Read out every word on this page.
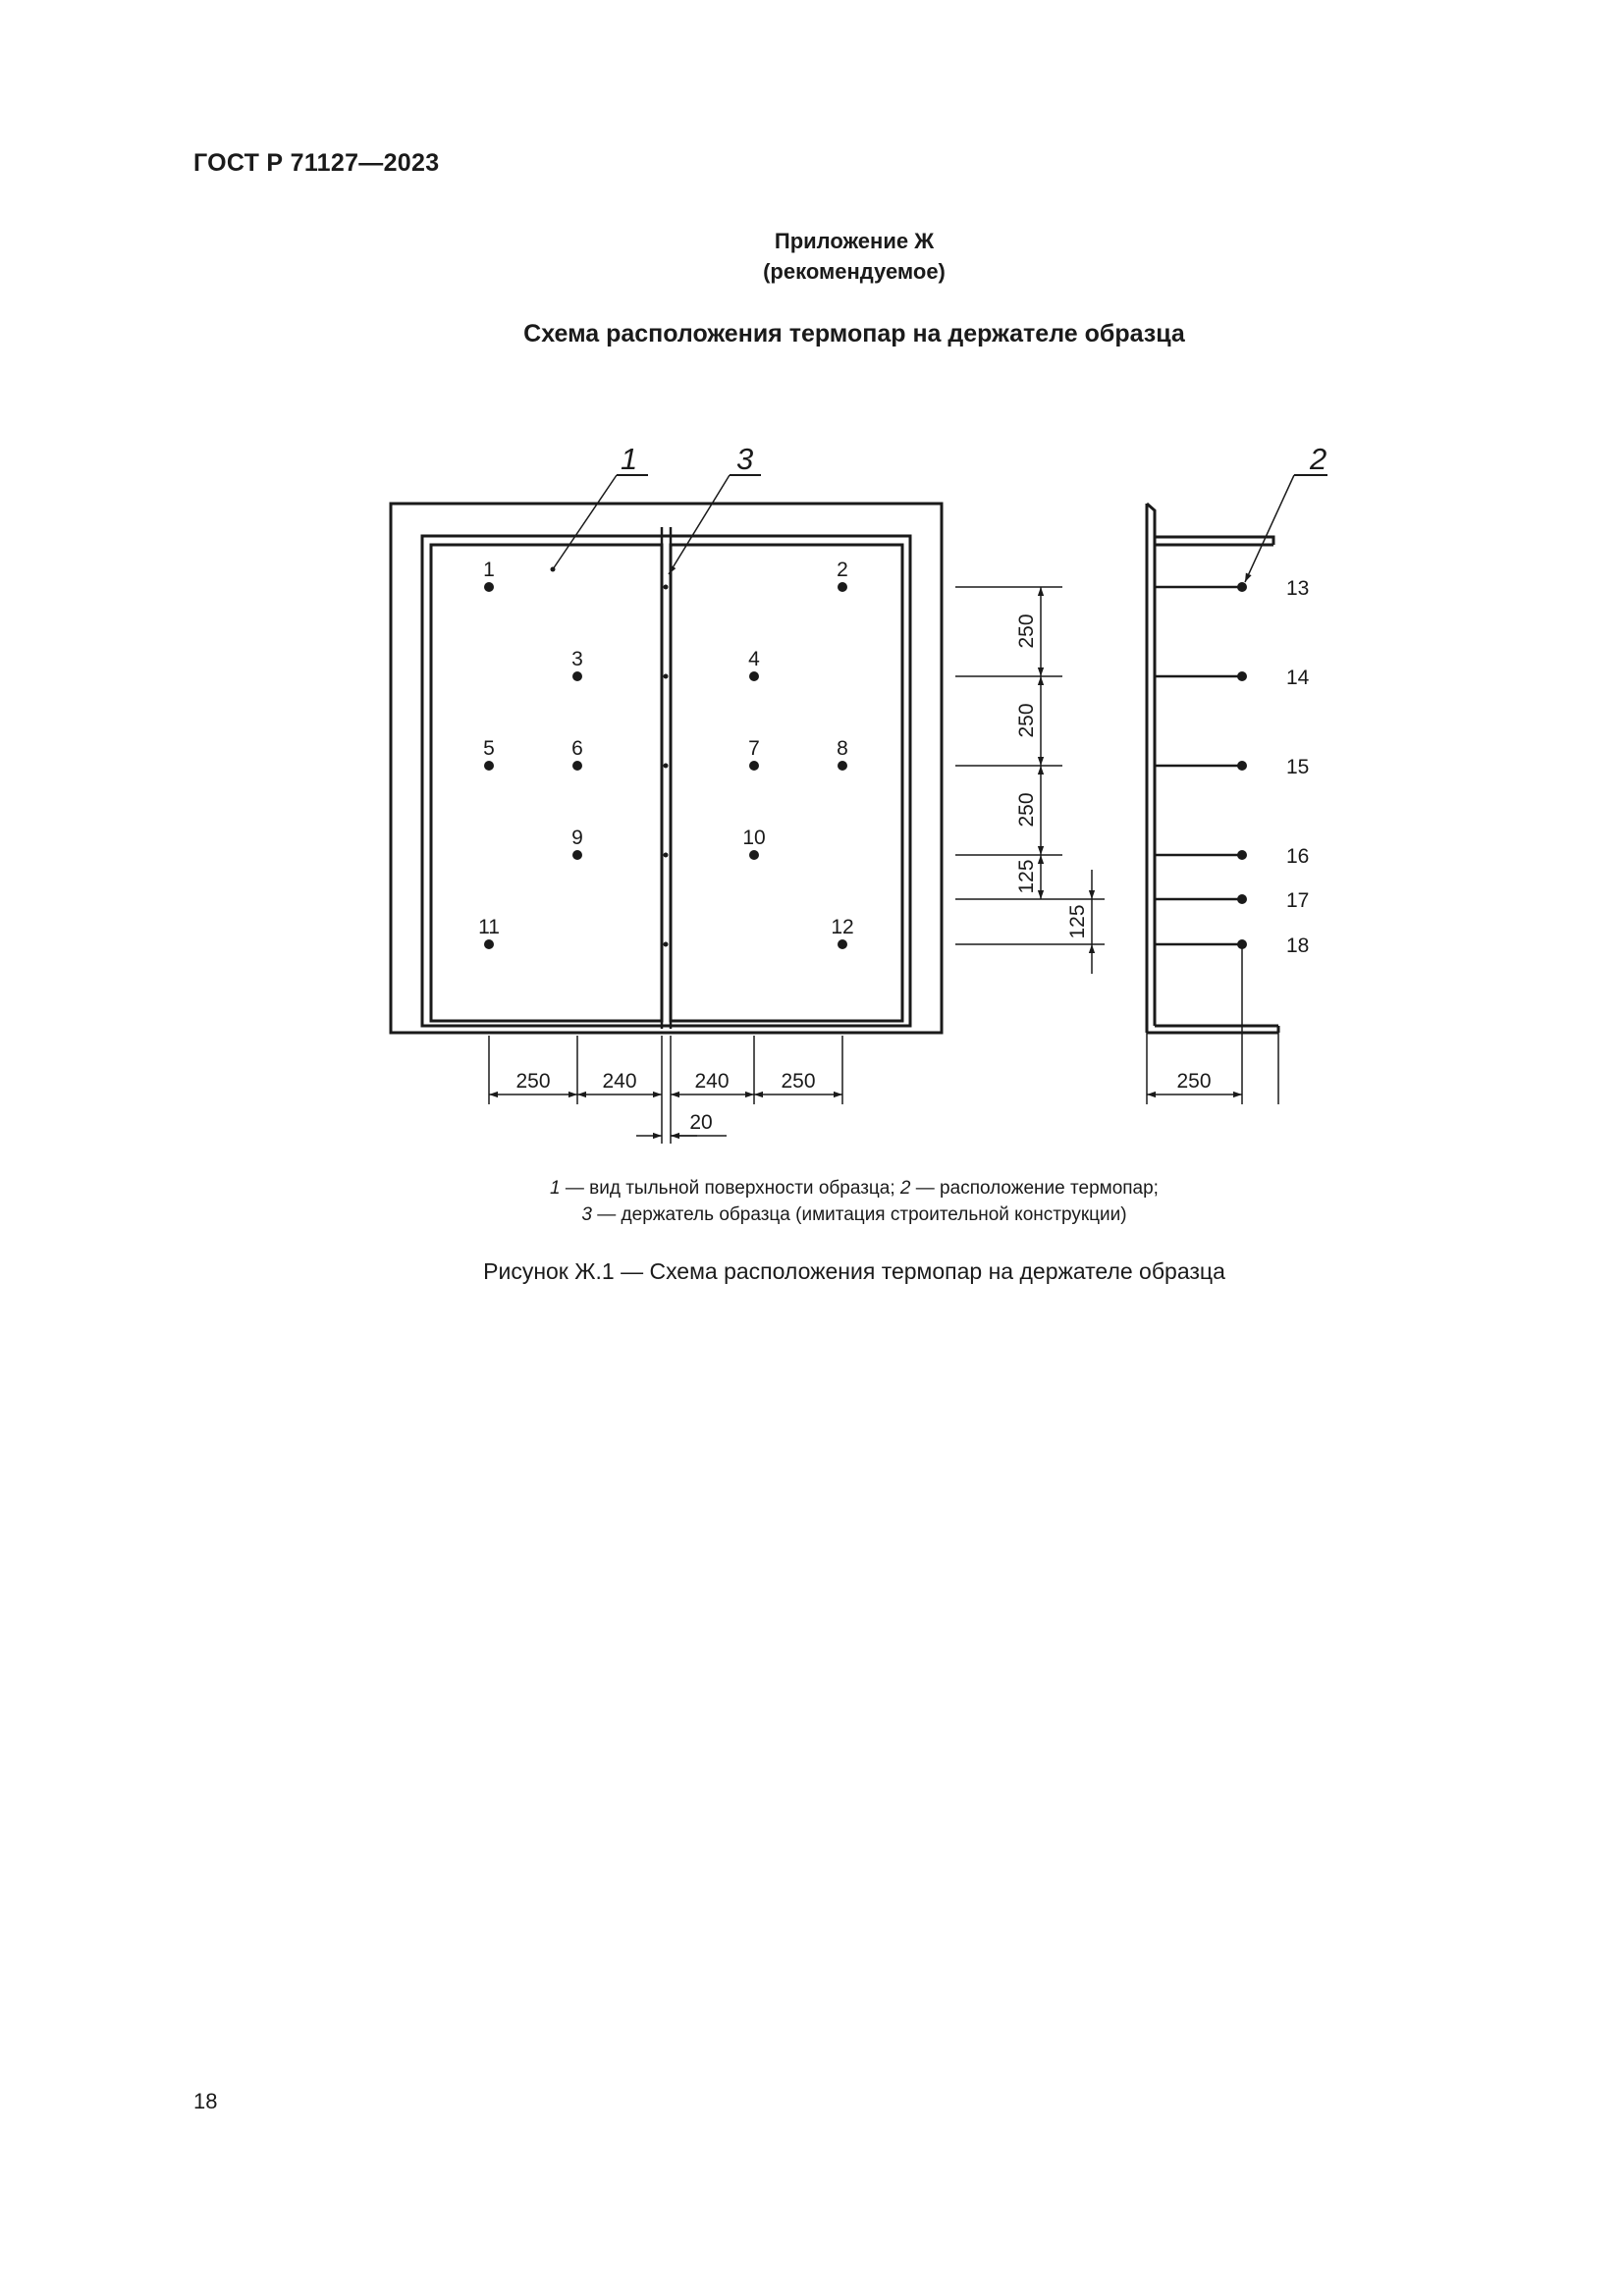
ГОСТ Р 71127—2023
Приложение Ж
(рекомендуемое)
Схема расположения термопар на держателе образца
1	3	2
1	2
3	4
5	6	7	8
9	10
11	12
13
14
15
16
17
18
250	240	240	250
20
250
250
250
250
125
125
1 — вид тыльной поверхности образца; 2 — расположение термопар;
3 — держатель образца (имитация строительной конструкции)
Рисунок Ж.1 — Схема расположения термопар на держателе образца
18
